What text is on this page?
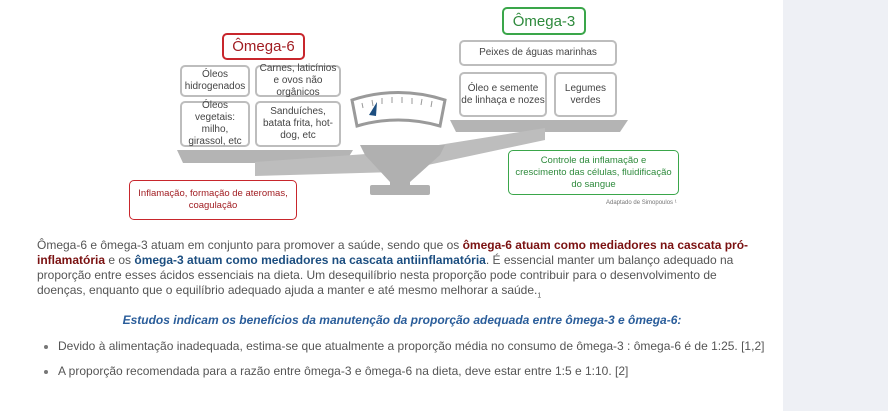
Ômega-6
Ômega-3
Óleos hidrogenados
Carnes, laticínios e ovos não orgânicos
Óleos vegetais: milho, girassol, etc
Sanduíches, batata frita, hot-dog, etc
Peixes de águas marinhas
Óleo e semente de linhaça e nozes
Legumes verdes
Inflamação, formação de ateromas, coagulação
Controle da inflamação e crescimento das células, fluidificação do sangue
Adaptado de Simopoulos ¹
Ômega-6 e ômega-3 atuam em conjunto para promover a saúde, sendo que os ômega-6 atuam como mediadores na cascata pró-inflamatória e os ômega-3 atuam como mediadores na cascata antiinflamatória. É essencial manter um balanço adequado na proporção entre esses ácidos essenciais na dieta. Um desequilíbrio nesta proporção pode contribuir para o desenvolvimento de doenças, enquanto que o equilíbrio adequado ajuda a manter e até mesmo melhorar a $saúde._1$
Estudos indicam os benefícios da manutenção da proporção adequada entre ômega-3 e ômega-6:
Devido à alimentação inadequada, estima-se que atualmente a proporção média no consumo de ômega-3 : ômega-6 é de 1:25. [1,2]
A proporção recomendada para a razão entre ômega-3 e ômega-6 na dieta, deve estar entre 1:5 e 1:10. [2]
